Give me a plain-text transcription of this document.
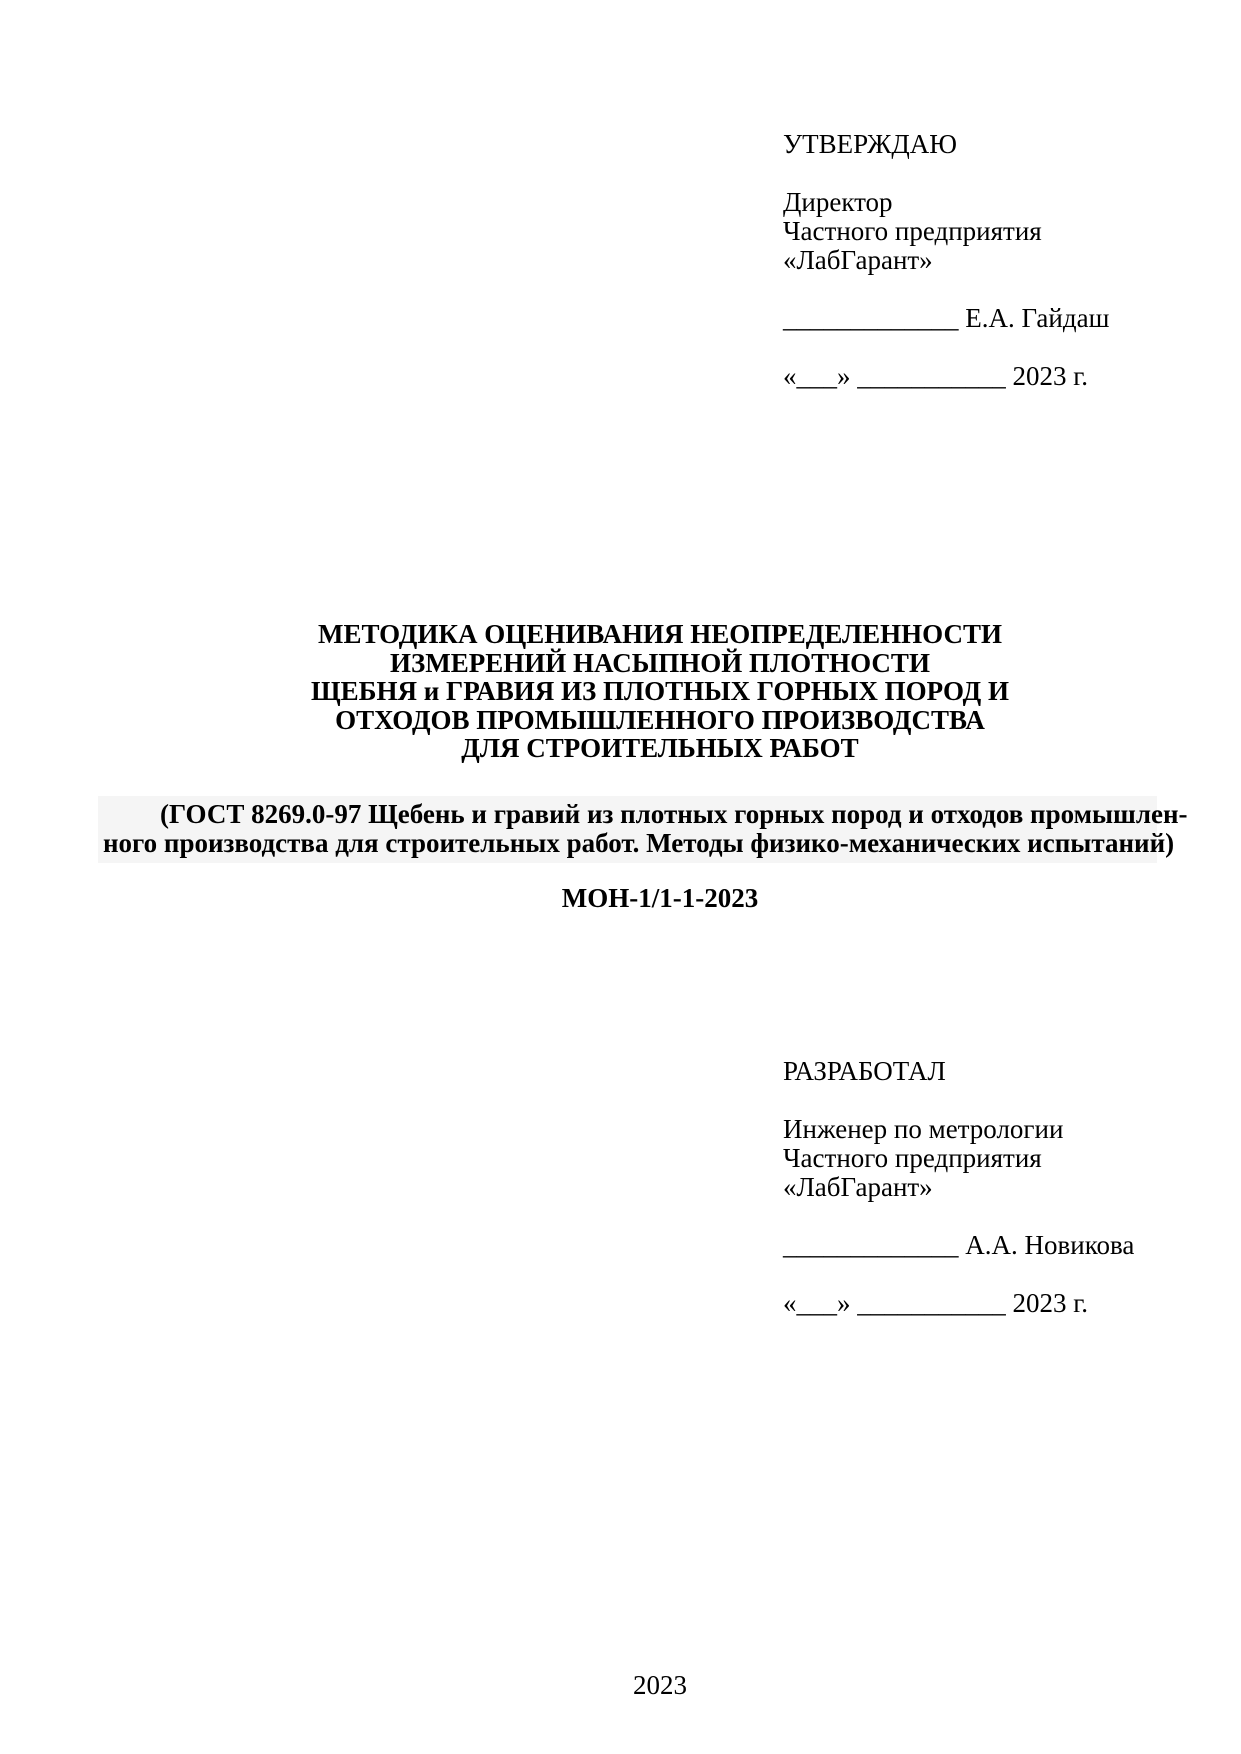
УТВЕРЖДАЮ
Директор
Частного предприятия
«ЛабГарант»
_____________ Е.А. Гайдаш
«___» ___________ 2023 г.
МЕТОДИКА ОЦЕНИВАНИЯ НЕОПРЕДЕЛЕННОСТИ
ИЗМЕРЕНИЙ НАСЫПНОЙ ПЛОТНОСТИ
ЩЕБНЯ и ГРАВИЯ ИЗ ПЛОТНЫХ ГОРНЫХ ПОРОД И
ОТХОДОВ ПРОМЫШЛЕННОГО ПРОИЗВОДСТВА
ДЛЯ СТРОИТЕЛЬНЫХ РАБОТ
(ГОСТ 8269.0-97 Щебень и гравий из плотных горных пород и отходов промышлен-
ного производства для строительных работ. Методы физико-механических испытаний)
МОН-1/1-1-2023
РАЗРАБОТАЛ
Инженер по метрологии
Частного предприятия
«ЛабГарант»
_____________ А.А. Новикова
«___» ___________ 2023 г.
2023
